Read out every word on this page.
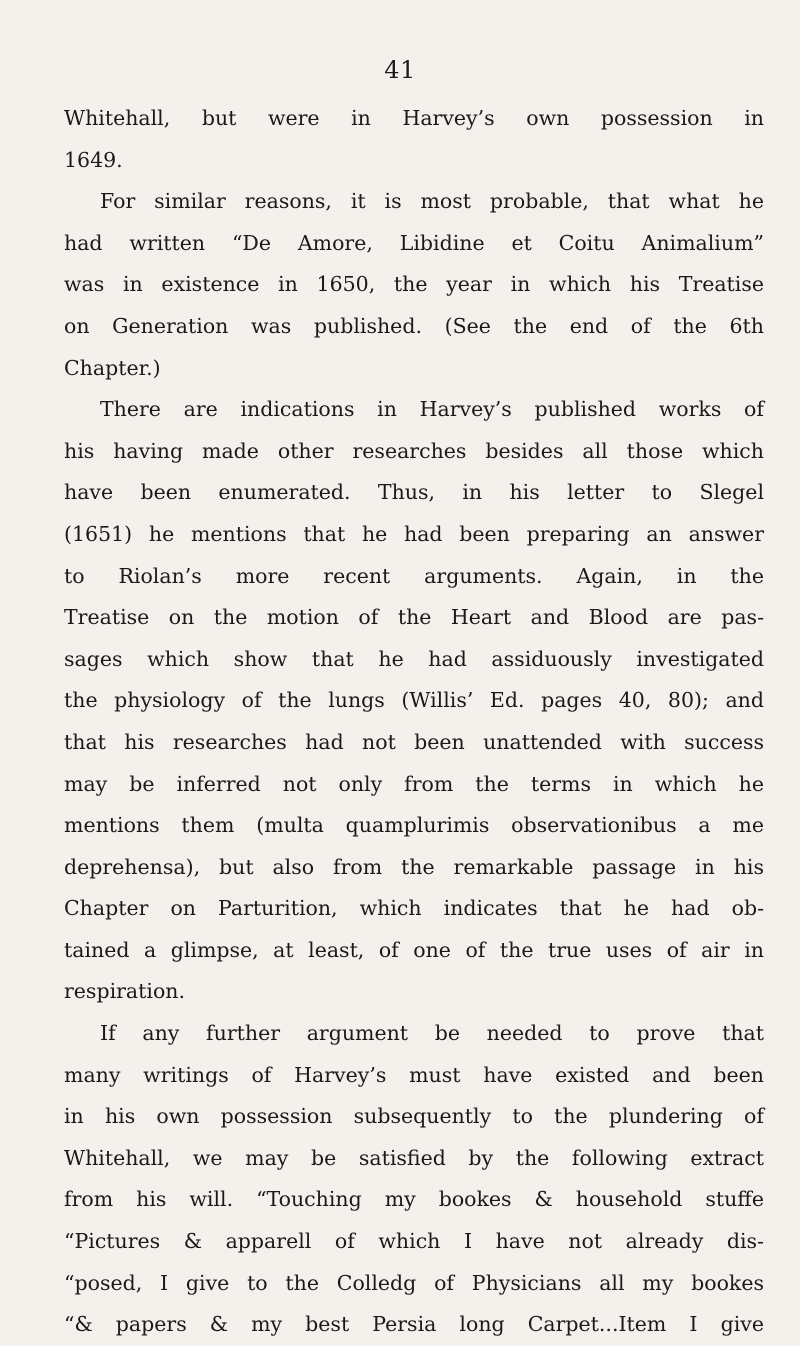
41
Whitehall, but were in Harvey’s own possession in
1649.
For similar reasons, it is most probable, that what he
had written “De Amore, Libidine et Coitu Animalium”
was in existence in 1650, the year in which his Treatise
on Generation was published. (See the end of the 6th
Chapter.)
There are indications in Harvey’s published works of
his having made other researches besides all those which
have been enumerated. Thus, in his letter to Slegel
(1651) he mentions that he had been preparing an answer
to Riolan’s more recent arguments. Again, in the
Treatise on the motion of the Heart and Blood are pas-
sages which show that he had assiduously investigated
the physiology of the lungs (Willis’ Ed. pages 40, 80); and
that his researches had not been unattended with success
may be inferred not only from the terms in which he
mentions them (multa quamplurimis observationibus a me
deprehensa), but also from the remarkable passage in his
Chapter on Parturition, which indicates that he had ob-
tained a glimpse, at least, of one of the true uses of air in
respiration.
If any further argument be needed to prove that
many writings of Harvey’s must have existed and been
in his own possession subsequently to the plundering of
Whitehall, we may be satisfied by the following extract
from his will. “Touching my bookes & household stuffe
“Pictures & apparell of which I have not already dis-
“posed, I give to the Colledg of Physicians all my bookes
“& papers & my best Persia long Carpet...Item I give
